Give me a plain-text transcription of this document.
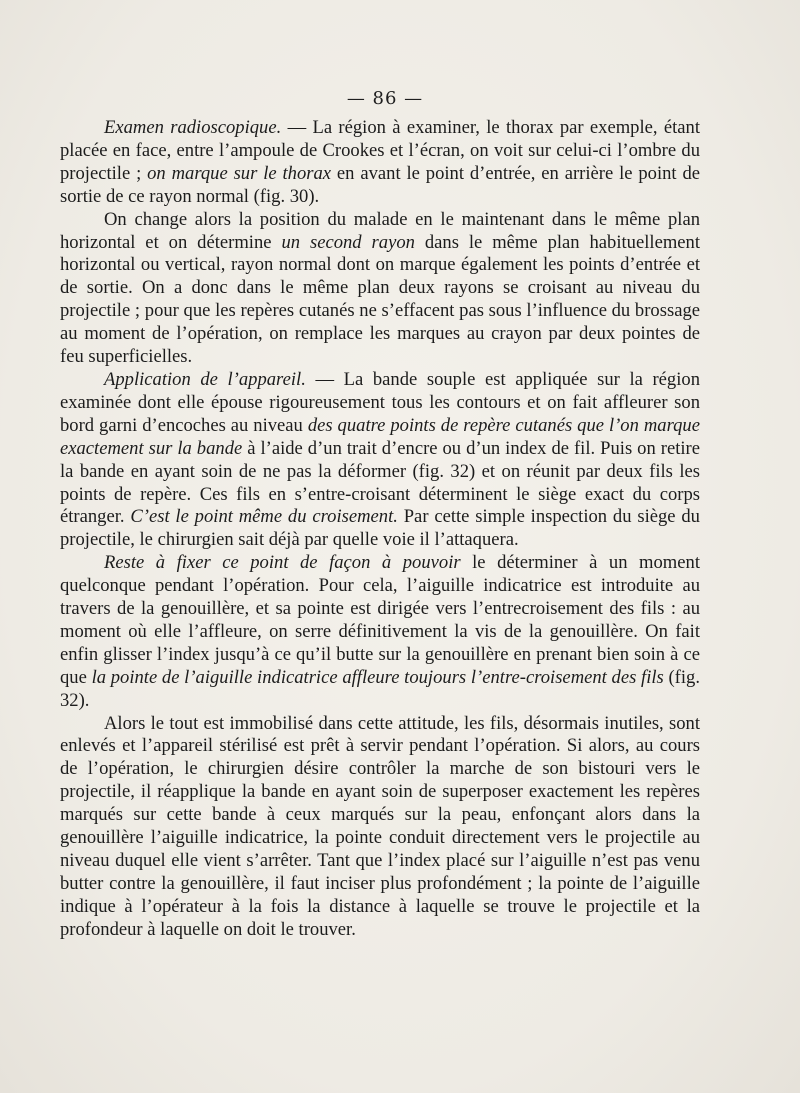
— 86 —

Examen radioscopique. — La région à examiner, le thorax par exemple, étant placée en face, entre l’ampoule de Crookes et l’écran, on voit sur celui-ci l’ombre du projectile ; on marque sur le thorax en avant le point d’entrée, en arrière le point de sortie de ce rayon normal (fig. 30).

On change alors la position du malade en le maintenant dans le même plan horizontal et on détermine un second rayon dans le même plan habituellement horizontal ou vertical, rayon normal dont on marque également les points d’entrée et de sortie. On a donc dans le même plan deux rayons se croisant au niveau du projectile ; pour que les repères cutanés ne s’effacent pas sous l’influence du brossage au moment de l’opération, on remplace les marques au crayon par deux pointes de feu superficielles.

Application de l’appareil. — La bande souple est appliquée sur la région examinée dont elle épouse rigoureusement tous les contours et on fait affleurer son bord garni d’encoches au niveau des quatre points de repère cutanés que l’on marque exactement sur la bande à l’aide d’un trait d’encre ou d’un index de fil. Puis on retire la bande en ayant soin de ne pas la déformer (fig. 32) et on réunit par deux fils les points de repère. Ces fils en s’entre-croisant déterminent le siège exact du corps étranger. C’est le point même du croisement. Par cette simple inspection du siège du projectile, le chirurgien sait déjà par quelle voie il l’attaquera.

Reste à fixer ce point de façon à pouvoir le déterminer à un moment quelconque pendant l’opération. Pour cela, l’aiguille indicatrice est introduite au travers de la genouillère, et sa pointe est dirigée vers l’entrecroisement des fils : au moment où elle l’affleure, on serre définitivement la vis de la genouillère. On fait enfin glisser l’index jusqu’à ce qu’il butte sur la genouillère en prenant bien soin à ce que la pointe de l’aiguille indicatrice affleure toujours l’entre-croisement des fils (fig. 32).

Alors le tout est immobilisé dans cette attitude, les fils, désormais inutiles, sont enlevés et l’appareil stérilisé est prêt à servir pendant l’opération. Si alors, au cours de l’opération, le chirurgien désire contrôler la marche de son bistouri vers le projectile, il réapplique la bande en ayant soin de superposer exactement les repères marqués sur cette bande à ceux marqués sur la peau, enfonçant alors dans la genouillère l’aiguille indicatrice, la pointe conduit directement vers le projectile au niveau duquel elle vient s’arrêter. Tant que l’index placé sur l’aiguille n’est pas venu butter contre la genouillère, il faut inciser plus profondément ; la pointe de l’aiguille indique à l’opérateur à la fois la distance à laquelle se trouve le projectile et la profondeur à laquelle on doit le trouver.
